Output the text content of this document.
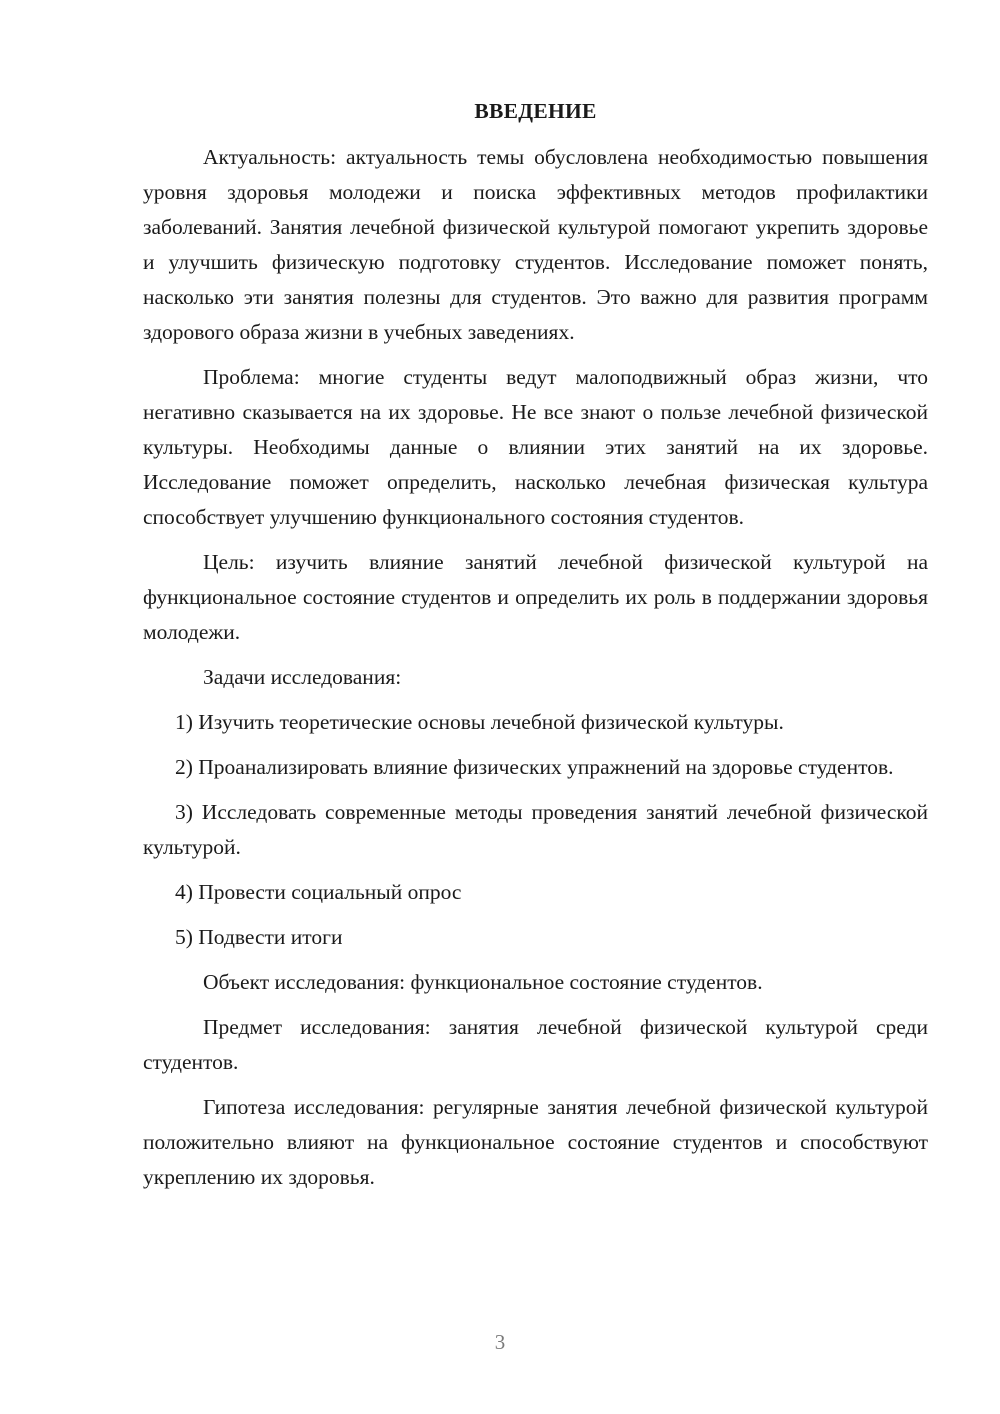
ВВЕДЕНИЕ

Актуальность: актуальность темы обусловлена необходимостью повышения уровня здоровья молодежи и поиска эффективных методов профилактики заболеваний. Занятия лечебной физической культурой помогают укрепить здоровье и улучшить физическую подготовку студентов. Исследование поможет понять, насколько эти занятия полезны для студентов. Это важно для развития программ здорового образа жизни в учебных заведениях.

Проблема: многие студенты ведут малоподвижный образ жизни, что негативно сказывается на их здоровье. Не все знают о пользе лечебной физической культуры. Необходимы данные о влиянии этих занятий на их здоровье. Исследование поможет определить, насколько лечебная физическая культура способствует улучшению функционального состояния студентов.

Цель: изучить влияние занятий лечебной физической культурой на функциональное состояние студентов и определить их роль в поддержании здоровья молодежи.

Задачи исследования:

1) Изучить теоретические основы лечебной физической культуры.

2) Проанализировать влияние физических упражнений на здоровье студентов.

3) Исследовать современные методы проведения занятий лечебной физической культурой.

4) Провести социальный опрос

5) Подвести итоги

Объект исследования: функциональное состояние студентов.

Предмет исследования: занятия лечебной физической культурой среди студентов.

Гипотеза исследования: регулярные занятия лечебной физической культурой положительно влияют на функциональное состояние студентов и способствуют укреплению их здоровья.

3
